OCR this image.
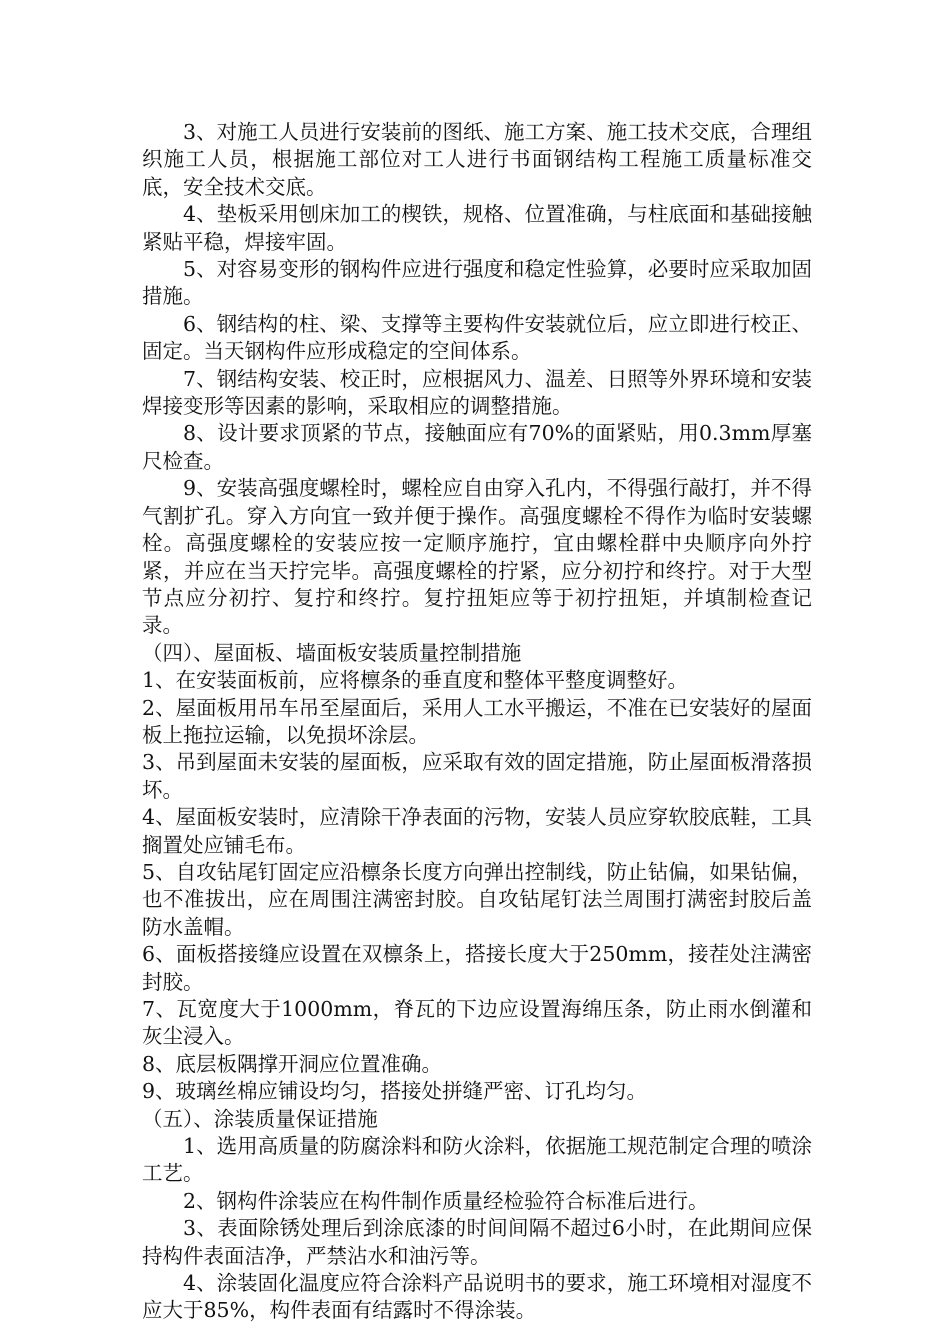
3、对施工人员进行安装前的图纸、施工方案、施工技术交底，合理组织施工人员，根据施工部位对工人进行书面钢结构工程施工质量标准交底，安全技术交底。

4、垫板采用刨床加工的楔铁，规格、位置准确，与柱底面和基础接触紧贴平稳，焊接牢固。

5、对容易变形的钢构件应进行强度和稳定性验算，必要时应采取加固措施。

6、钢结构的柱、梁、支撑等主要构件安装就位后，应立即进行校正、固定。当天钢构件应形成稳定的空间体系。

7、钢结构安装、校正时，应根据风力、温差、日照等外界环境和安装焊接变形等因素的影响，采取相应的调整措施。

8、设计要求顶紧的节点，接触面应有70%的面紧贴，用0.3mm厚塞尺检查。

9、安装高强度螺栓时，螺栓应自由穿入孔内，不得强行敲打，并不得气割扩孔。穿入方向宜一致并便于操作。高强度螺栓不得作为临时安装螺栓。高强度螺栓的安装应按一定顺序施拧，宜由螺栓群中央顺序向外拧紧，并应在当天拧完毕。高强度螺栓的拧紧，应分初拧和终拧。对于大型节点应分初拧、复拧和终拧。复拧扭矩应等于初拧扭矩，并填制检查记录。

（四）、屋面板、墙面板安装质量控制措施

1、在安装面板前，应将檩条的垂直度和整体平整度调整好。

2、屋面板用吊车吊至屋面后，采用人工水平搬运，不准在已安装好的屋面板上拖拉运输，以免损坏涂层。

3、吊到屋面未安装的屋面板，应采取有效的固定措施，防止屋面板滑落损坏。

4、屋面板安装时，应清除干净表面的污物，安装人员应穿软胶底鞋，工具搁置处应铺毛布。

5、自攻钻尾钉固定应沿檩条长度方向弹出控制线，防止钻偏，如果钻偏，也不准拔出，应在周围注满密封胶。自攻钻尾钉法兰周围打满密封胶后盖防水盖帽。

6、面板搭接缝应设置在双檩条上，搭接长度大于250mm，接茬处注满密封胶。

7、瓦宽度大于1000mm，脊瓦的下边应设置海绵压条，防止雨水倒灌和灰尘浸入。

8、底层板隅撑开洞应位置准确。

9、玻璃丝棉应铺设均匀，搭接处拼缝严密、订孔均匀。

（五）、涂装质量保证措施

1、选用高质量的防腐涂料和防火涂料，依据施工规范制定合理的喷涂工艺。

2、钢构件涂装应在构件制作质量经检验符合标准后进行。

3、表面除锈处理后到涂底漆的时间间隔不超过6小时，在此期间应保持构件表面洁净，严禁沾水和油污等。

4、涂装固化温度应符合涂料产品说明书的要求，施工环境相对湿度不应大于85%，构件表面有结露时不得涂装。
